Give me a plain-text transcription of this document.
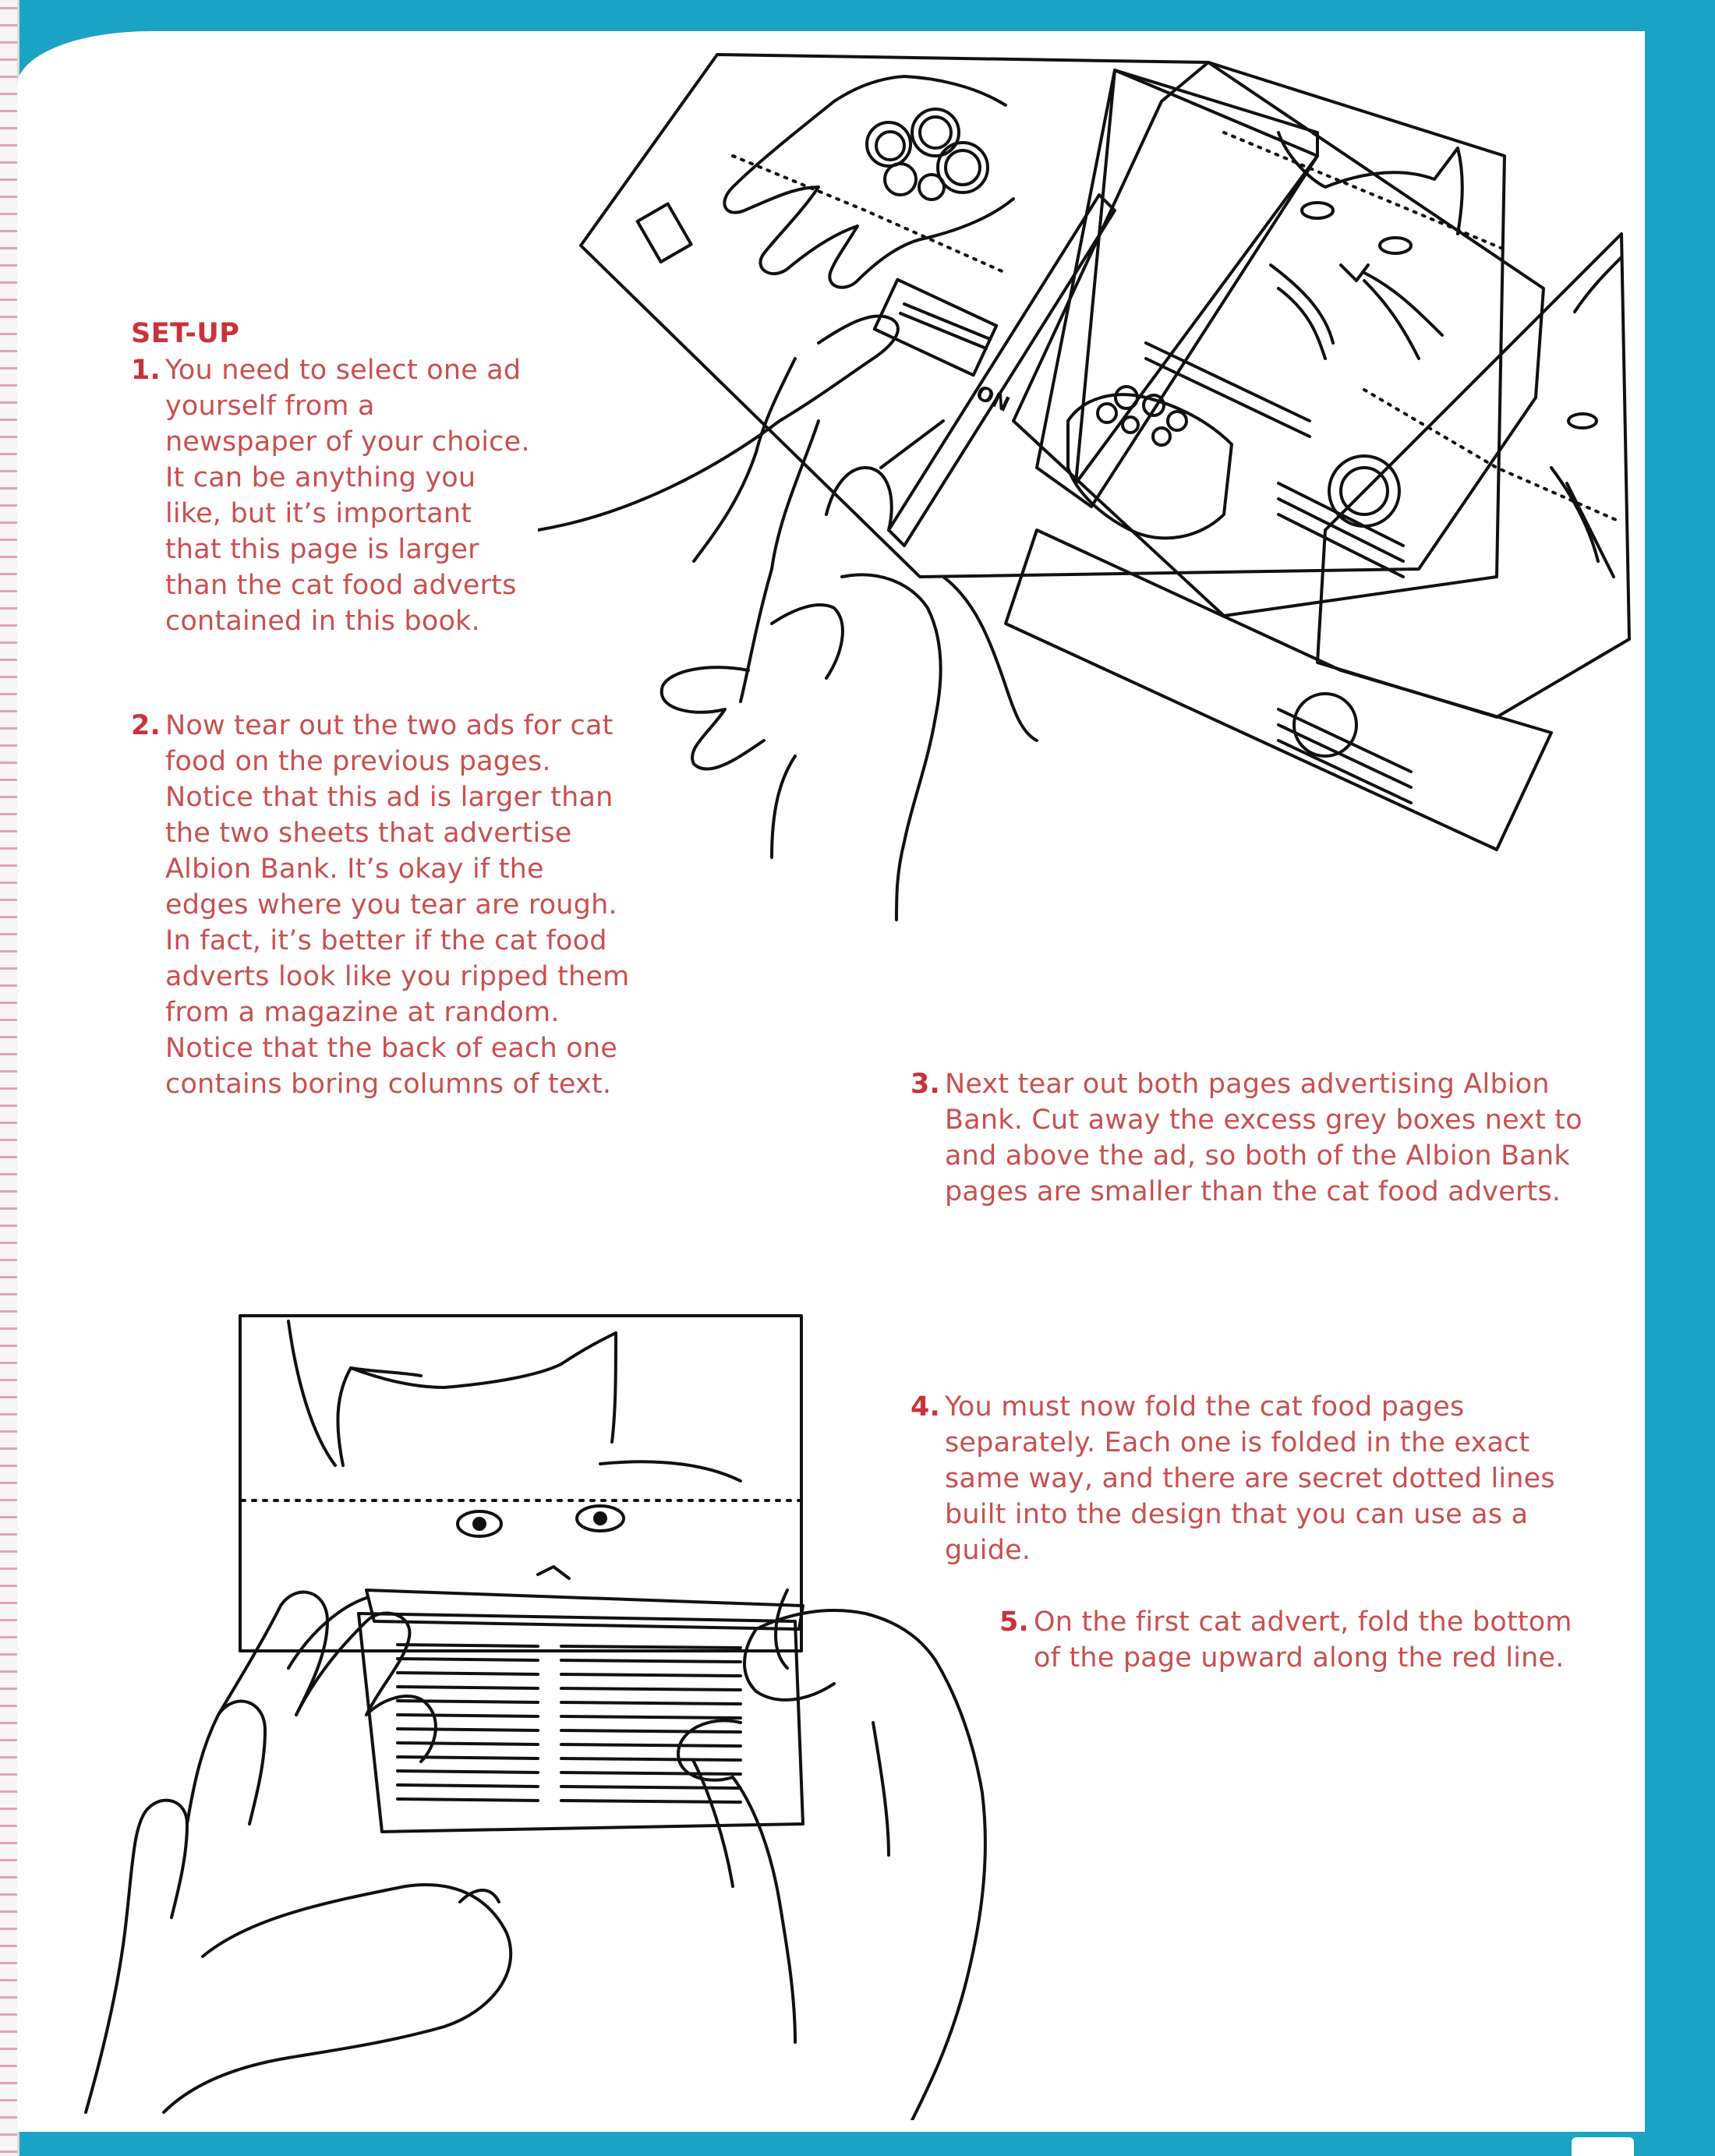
ON
SET-UP
1. You need to select one ad yourself from a newspaper of your choice. It can be anything you like, but it’s important that this page is larger than the cat food adverts contained in this book.
2. Now tear out the two ads for cat food on the previous pages. Notice that this ad is larger than the two sheets that advertise Albion Bank. It’s okay if the edges where you tear are rough. In fact, it’s better if the cat food adverts look like you ripped them from a magazine at random. Notice that the back of each one contains boring columns of text.	3. Next tear out both pages advertising Albion Bank. Cut away the excess grey boxes next to and above the ad, so both of the Albion Bank pages are smaller than the cat food adverts.
4. You must now fold the cat food pages separately. Each one is folded in the exact same way, and there are secret dotted lines built into the design that you can use as a guide.
5. On the first cat advert, fold the bottom of the page upward along the red line.
